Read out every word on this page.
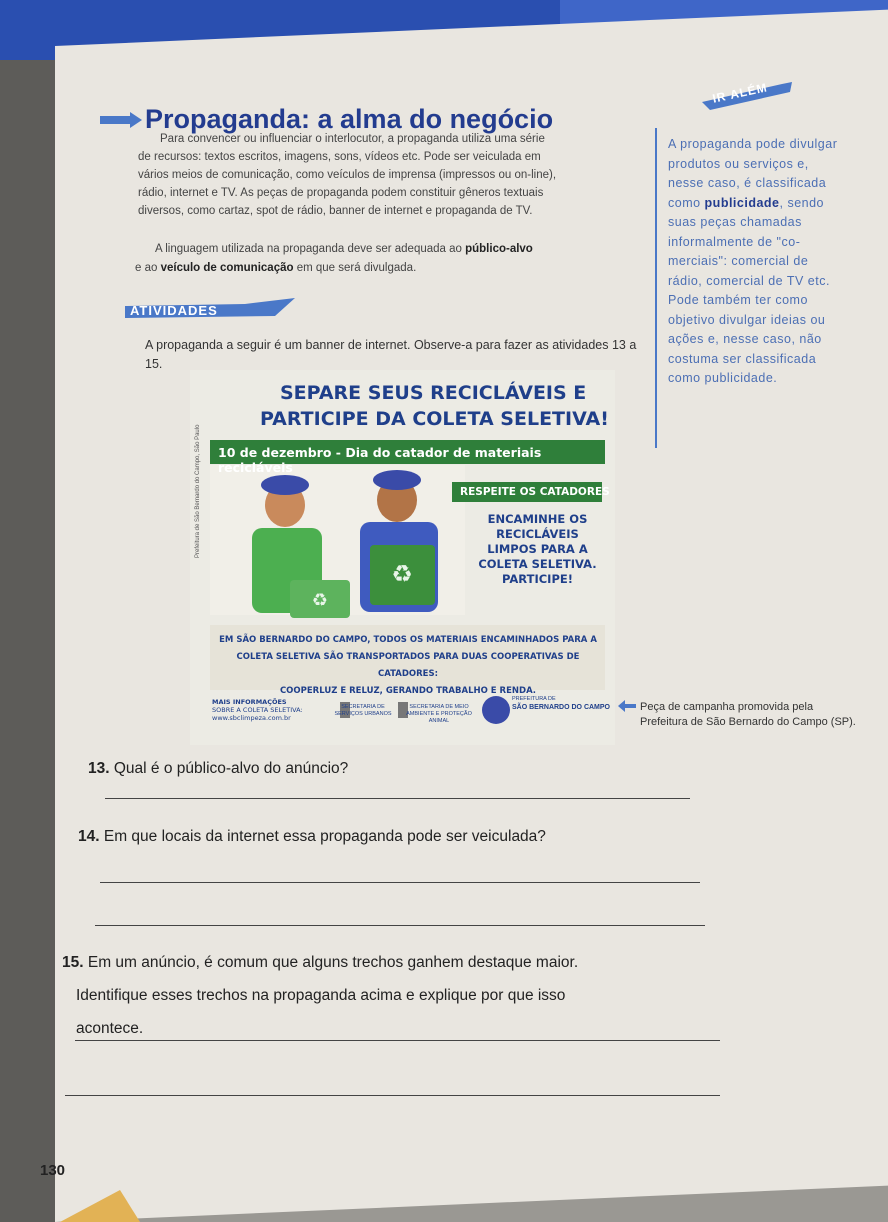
Propaganda: a alma do negócio
IR ALÉM
Para convencer ou influenciar o interlocutor, a propaganda utiliza uma série
de recursos: textos escritos, imagens, sons, vídeos etc. Pode ser veiculada em
vários meios de comunicação, como veículos de imprensa (impressos ou on-line),
rádio, internet e TV. As peças de propaganda podem constituir gêneros textuais
diversos, como cartaz, spot de rádio, banner de internet e propaganda de TV.
A linguagem utilizada na propaganda deve ser adequada ao público-alvo
e ao veículo de comunicação em que será divulgada.
A propaganda pode divulgar produtos ou serviços e, nesse caso, é classificada como publicidade, sendo suas peças chamadas informalmente de "co-merciais": comercial de rádio, comercial de TV etc. Pode também ter como objetivo divulgar ideias ou ações e, nesse caso, não costuma ser classificada como publicidade.
ATIVIDADES
A propaganda a seguir é um banner de internet. Observe-a para fazer as atividades 13 a 15.
♻
♻
SEPARE SEUS RECICLÁVEIS E
PARTICIPE DA COLETA SELETIVA!
10 de dezembro - Dia do catador de materiais recicláveis
RESPEITE OS CATADORES
ENCAMINHE OS
RECICLÁVEIS
LIMPOS PARA A
COLETA SELETIVA.
PARTICIPE!
EM SÃO BERNARDO DO CAMPO, TODOS OS MATERIAIS ENCAMINHADOS PARA A
COLETA SELETIVA SÃO TRANSPORTADOS PARA DUAS COOPERATIVAS DE CATADORES:
COOPERLUZ E RELUZ, GERANDO TRABALHO E RENDA.
MAIS INFORMAÇÕES
SOBRE A COLETA SELETIVA:
www.sbclimpeza.com.br
SECRETARIA DE SERVIÇOS URBANOS
SECRETARIA DE MEIO AMBIENTE E PROTEÇÃO ANIMAL
PREFEITURA DE
SÃO BERNARDO DO CAMPO
Prefeitura de São Bernardo do Campo, São Paulo
Peça de campanha promovida pela
Prefeitura de São Bernardo do Campo (SP).
13. Qual é o público-alvo do anúncio?
14. Em que locais da internet essa propaganda pode ser veiculada?
15. Em um anúncio, é comum que alguns trechos ganhem destaque maior.
Identifique esses trechos na propaganda acima e explique por que isso
acontece.
130
